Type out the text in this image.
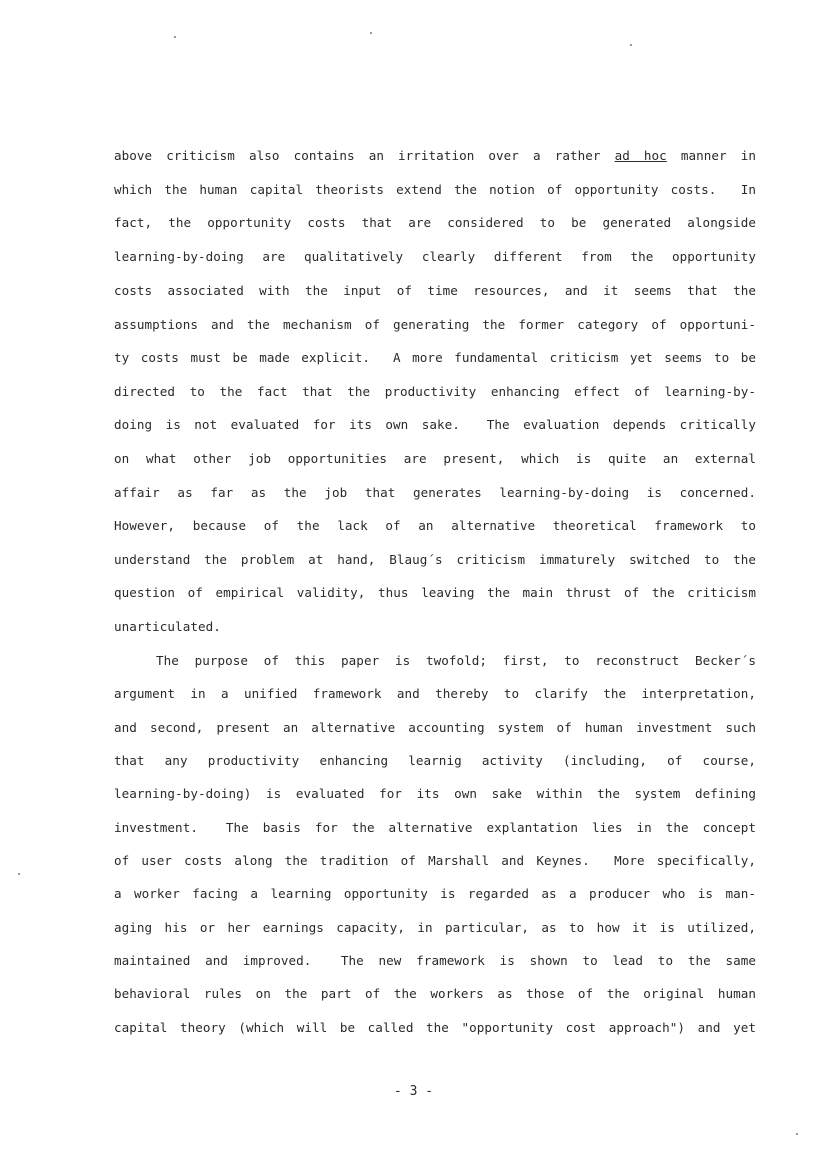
above criticism also contains an irritation over a rather ad hoc manner in

which the human capital theorists extend the notion of opportunity costs.  In

fact, the opportunity costs that are considered to be generated alongside

learning-by-doing are qualitatively clearly different from the opportunity

costs associated with the input of time resources, and it seems that the

assumptions and the mechanism of generating the former category of opportuni-

ty costs must be made explicit.  A more fundamental criticism yet seems to be

directed to the fact that the productivity enhancing effect of learning-by-

doing is not evaluated for its own sake.  The evaluation depends critically

on what other job opportunities are present, which is quite an external

affair as far as the job that generates learning-by-doing is concerned.

However, because of the lack of an alternative theoretical framework to

understand the problem at hand, Blaug´s criticism immaturely switched to the

question of empirical validity, thus leaving the main thrust of the criticism

unarticulated.

The purpose of this paper is twofold; first, to reconstruct Becker´s

argument in a unified framework and thereby to clarify the interpretation,

and second, present an alternative accounting system of human investment such

that any productivity enhancing learnig activity (including, of course,

learning-by-doing) is evaluated for its own sake within the system defining

investment.  The basis for the alternative explantation lies in the concept

of user costs along the tradition of Marshall and Keynes.  More specifically,

a worker facing a learning opportunity is regarded as a producer who is man-

aging his or her earnings capacity, in particular, as to how it is utilized,

maintained and improved.  The new framework is shown to lead to the same

behavioral rules on the part of the workers as those of the original human

capital theory (which will be called the "opportunity cost approach") and yet

- 3 -
